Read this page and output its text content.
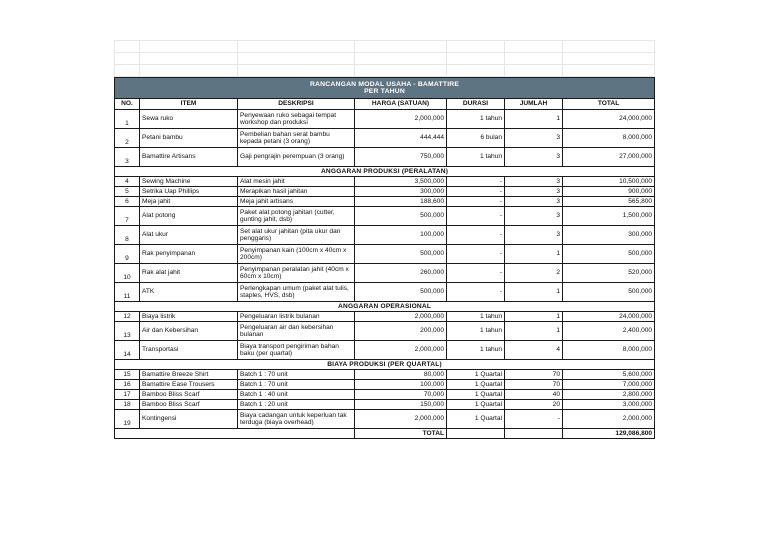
RANCANGAN MODAL USAHA - BAMATTIRE
PER TAHUN						

NO.	ITEM	DESKRIPSI	HARGA (SATUAN)	DURASI	JUMLAH	TOTAL
1	Sewa ruko	Penyewaan ruko sebagai tempat workshop dan produksi	2,000,000	1 tahun	1	24,000,000
2	Petani bambu	Pembelian bahan serat bambu kepada petani (3 orang)	444,444	6 bulan	3	8,000,000
3	Bamattire Artisans	Gaji pengrajin perempuan (3 orang)	750,000	1 tahun	3	27,000,000
ANGGARAN PRODUKSI (PERALATAN)						
4	Sewing Machine	Alat mesin jahit	3,500,000	-	3	10,500,000
5	Setrika Uap Phillips	Merapikan hasil jahitan	300,000	-	3	900,000
6	Meja jahit	Meja jahit artisans	188,600	-	3	565,800
7	Alat potong	Paket alat potong jahitan (cutter, gunting jahit, dsb)	500,000	-	3	1,500,000
8	Alat ukur	Set alat ukur jahitan (pita ukur dan penggaris)	100,000	-	3	300,000
9	Rak penyimpanan	Penyimpanan kain (100cm x 40cm x 200cm)	500,000	-	1	500,000
10	Rak alat jahit	Penyimpanan peralatan jahit (40cm x 60cm x 10cm)	260,000	-	2	520,000
11	ATK	Perlengkapan umum (paket alat tulis, staples, HVS, dsb)	500,000	-	1	500,000
ANGGARAN OPERASIONAL						
12	Biaya listrik	Pengeluaran listrik bulanan	2,000,000	1 tahun	1	24,000,000
13	Air dan Kebersihan	Pengeluaran air dan kebersihan bulanan	200,000	1 tahun	1	2,400,000
14	Transportasi	Biaya transport pengiriman bahan baku (per quartal)	2,000,000	1 tahun	4	8,000,000
BIAYA PRODUKSI (PER QUARTAL)						
15	Bamattire Breeze Shirt	Batch 1 : 70 unit	80,000	1 Quartal	70	5,600,000
16	Bamattire Ease Trousers	Batch 1 : 70 unit	100,000	1 Quartal	70	7,000,000
17	Bamboo Bliss Scarf	Batch 1 : 40 unit	70,000	1 Quartal	40	2,800,000
18	Bamboo Bliss Scarf	Batch 1 : 20 unit	150,000	1 Quartal	20	3,000,000
19	Kontingensi	Biaya cadangan untuk keperluan tak terduga (biaya overhead)	2,000,000	1 Quartal	-	2,000,000
			TOTAL			129,086,800
